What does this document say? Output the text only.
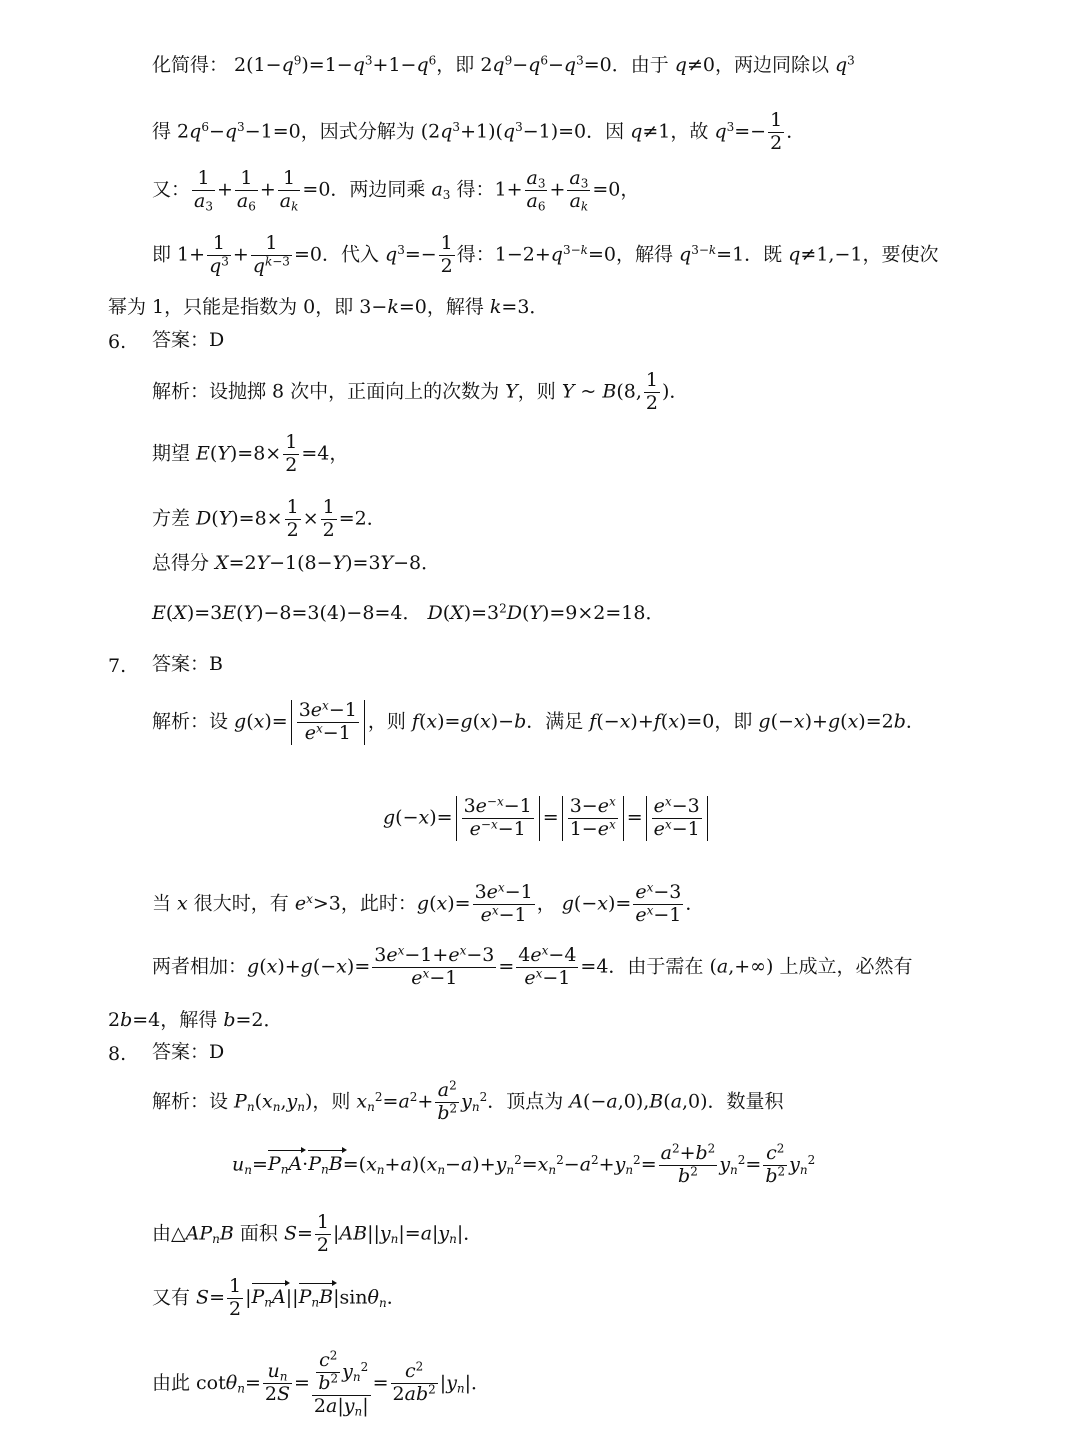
化简得： $2(1-q^9)=1-q^3+1-q^6$，即 $2q^9-q^6-q^3=0$．由于 q≠0，两边同除以 $q^3$
得 $2q^6-q^3-1=0$，因式分解为 $(2q^3+1)(q^3-1)=0$．因 q≠1，故 $q^3=- \frac{1}{2}$ ．
又： $\frac{1}{a_3} + \frac{1}{a_6} + \frac{1}{a_k} =0$．两边同乘 $a_3$ 得：$1+ \frac{a_3}{a_6} + \frac{a_3}{a_k} =0$，
即 $1+ \frac{1}{q^3} + \frac{1}{q^{k-3}} =0$．代入 $q^3=- \frac{1}{2}$ 得：$1-2+q^{3-k}=0$，解得 $q^{3-k}=1$．既 q≠1,−1，要使次
幂为 1，只能是指数为 0，即 3−k=0，解得 k=3．
6. 答案：D
解析：设抛掷 8 次中，正面向上的次数为 Y，则 Y ~ B(8, $\frac{1}{2}$ )．
期望 $E(Y)=8\times \frac{1}{2} =4$，
方差 $D(Y)=8\times \frac{1}{2} \times \frac{1}{2} =2$．
总得分 X=2Y−1(8−Y)=3Y−8．
E(X)=3E(Y)−8=3(4)−8=4． $D(X)=3^2D(Y)=9\times 2=18$．
7. 答案：B
解析：设 $g(x)= \frac{3e^x-1}{e^x-1}$ ，则 f(x)=g(x)−b．满足 f(−x)+f(x)=0，即 g(−x)+g(x)=2b．
$g(-x)= \frac{3e^{-x}-1}{e^{-x}-1} = \frac{3-e^x}{1-e^x} = \frac{e^x-3}{e^x-1}$
当 x 很大时，有 $e^x>3$，此时：$g(x)= \frac{3e^x-1}{e^x-1}$ ， $g(-x)= \frac{e^x-3}{e^x-1}$ ．
两者相加：$g(x)+g(-x)= \frac{3e^x-1+e^x-3}{e^x-1} = \frac{4e^x-4}{e^x-1} =4$．由于需在 (a,+∞) 上成立，必然有
2b=4，解得 b=2．
8. 答案：D
解析：设 $P_n(x_n,y_n)$，则 $x_n^2=a^2+ \frac{a^2}{b^2} y_n^2$．顶点为 A(−a,0),B(a,0)．数量积
$u_n=P_nA\cdot P_nB=(x_n+a)(x_n-a)+y_n^2=x_n^2-a^2+y_n^2= \frac{a^2+b^2}{b^2} y_n^2= \frac{c^2}{b^2} y_n^2$
由$\triangle AP_nB$ 面积 $S= \frac{1}{2} |AB||y_n|=a|y_n|$．
又有 $S= \frac{1}{2} |P_nA||P_nB|\sin\theta_n$．
由此 $\cot\theta_n= \frac{u_n}{2S} = \frac{\frac{c^2}{b^2} y_n^2}{2a|y_n|} = \frac{c^2}{2ab^2} |y_n|$．
